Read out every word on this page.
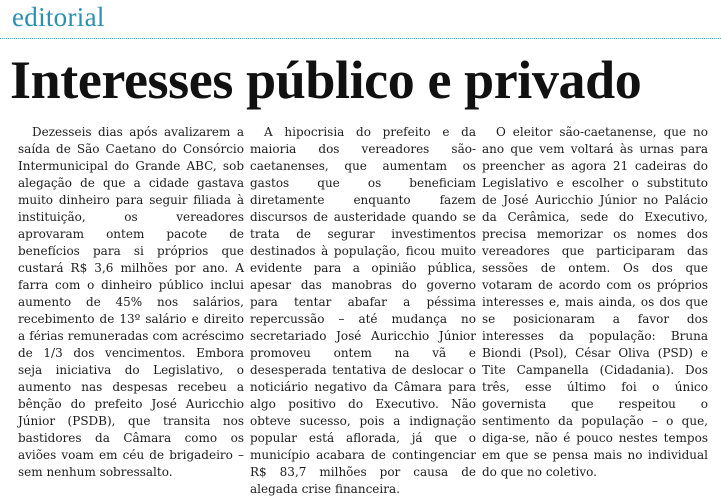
editorial
Interesses público e privado

Dezesseis dias após avalizarem a saída de São Caetano do Consórcio Intermunicipal do Grande ABC, sob alegação de que a cidade gastava muito dinheiro para seguir filiada à instituição, os vereadores aprovaram ontem pacote de benefícios para si próprios que custará R$ 3,6 milhões por ano. A farra com o dinheiro público inclui aumento de 45% nos salários, recebimento de 13º salário e direito a férias remuneradas com acréscimo de 1/3 dos vencimentos. Embora seja iniciativa do Legislativo, o aumento nas despesas recebeu a bênção do prefeito José Auricchio Júnior (PSDB), que transita nos bastidores da Câmara como os aviões voam em céu de brigadeiro – sem nenhum sobressalto.

A hipocrisia do prefeito e da maioria dos vereadores são-caetanenses, que aumentam os gastos que os beneficiam diretamente enquanto fazem discursos de austeridade quando se trata de segurar investimentos destinados à população, ficou muito evidente para a opinião pública, apesar das manobras do governo para tentar abafar a péssima repercussão – até mudança no secretariado José Auricchio Júnior promoveu ontem na vã e desesperada tentativa de deslocar o noticiário negativo da Câmara para algo positivo do Executivo. Não obteve sucesso, pois a indignação popular está aflorada, já que o município acabara de contingenciar R$ 83,7 milhões por causa de alegada crise financeira.

O eleitor são-caetanense, que no ano que vem voltará às urnas para preencher as agora 21 cadeiras do Legislativo e escolher o substituto de José Auricchio Júnior no Palácio da Cerâmica, sede do Executivo, precisa memorizar os nomes dos vereadores que participaram das sessões de ontem. Os dos que votaram de acordo com os próprios interesses e, mais ainda, os dos que se posicionaram a favor dos interesses da população: Bruna Biondi (Psol), César Oliva (PSD) e Tite Campanella (Cidadania). Dos três, esse último foi o único governista que respeitou o sentimento da população – o que, diga-se, não é pouco nestes tempos em que se pensa mais no individual do que no coletivo.
